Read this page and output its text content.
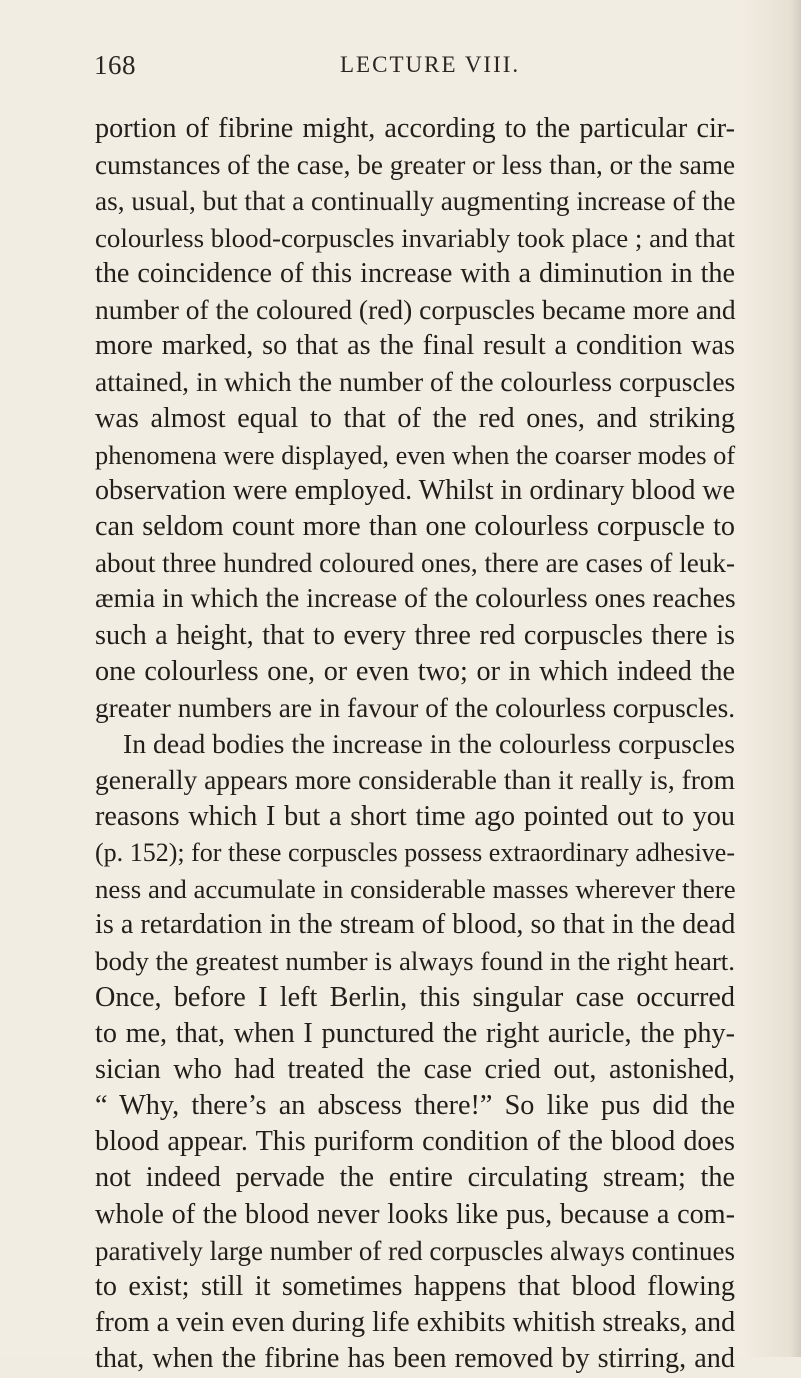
168	LECTURE VIII.
portion of fibrine might, according to the particular cir-
cumstances of the case, be greater or less than, or the same
as, usual, but that a continually augmenting increase of the
colourless blood-corpuscles invariably took place ; and that
the coincidence of this increase with a diminution in the
number of the coloured (red) corpuscles became more and
more marked, so that as the final result a condition was
attained, in which the number of the colourless corpuscles
was almost equal to that of the red ones, and striking
phenomena were displayed, even when the coarser modes of
observation were employed. Whilst in ordinary blood we
can seldom count more than one colourless corpuscle to
about three hundred coloured ones, there are cases of leuk-
æmia in which the increase of the colourless ones reaches
such a height, that to every three red corpuscles there is
one colourless one, or even two; or in which indeed the
greater numbers are in favour of the colourless corpuscles.
In dead bodies the increase in the colourless corpuscles
generally appears more considerable than it really is, from
reasons which I but a short time ago pointed out to you
(p. 152); for these corpuscles possess extraordinary adhesive-
ness and accumulate in considerable masses wherever there
is a retardation in the stream of blood, so that in the dead
body the greatest number is always found in the right heart.
Once, before I left Berlin, this singular case occurred
to me, that, when I punctured the right auricle, the phy-
sician who had treated the case cried out, astonished,
“ Why, there’s an abscess there!” So like pus did the
blood appear. This puriform condition of the blood does
not indeed pervade the entire circulating stream; the
whole of the blood never looks like pus, because a com-
paratively large number of red corpuscles always continues
to exist; still it sometimes happens that blood flowing
from a vein even during life exhibits whitish streaks, and
that, when the fibrine has been removed by stirring, and
